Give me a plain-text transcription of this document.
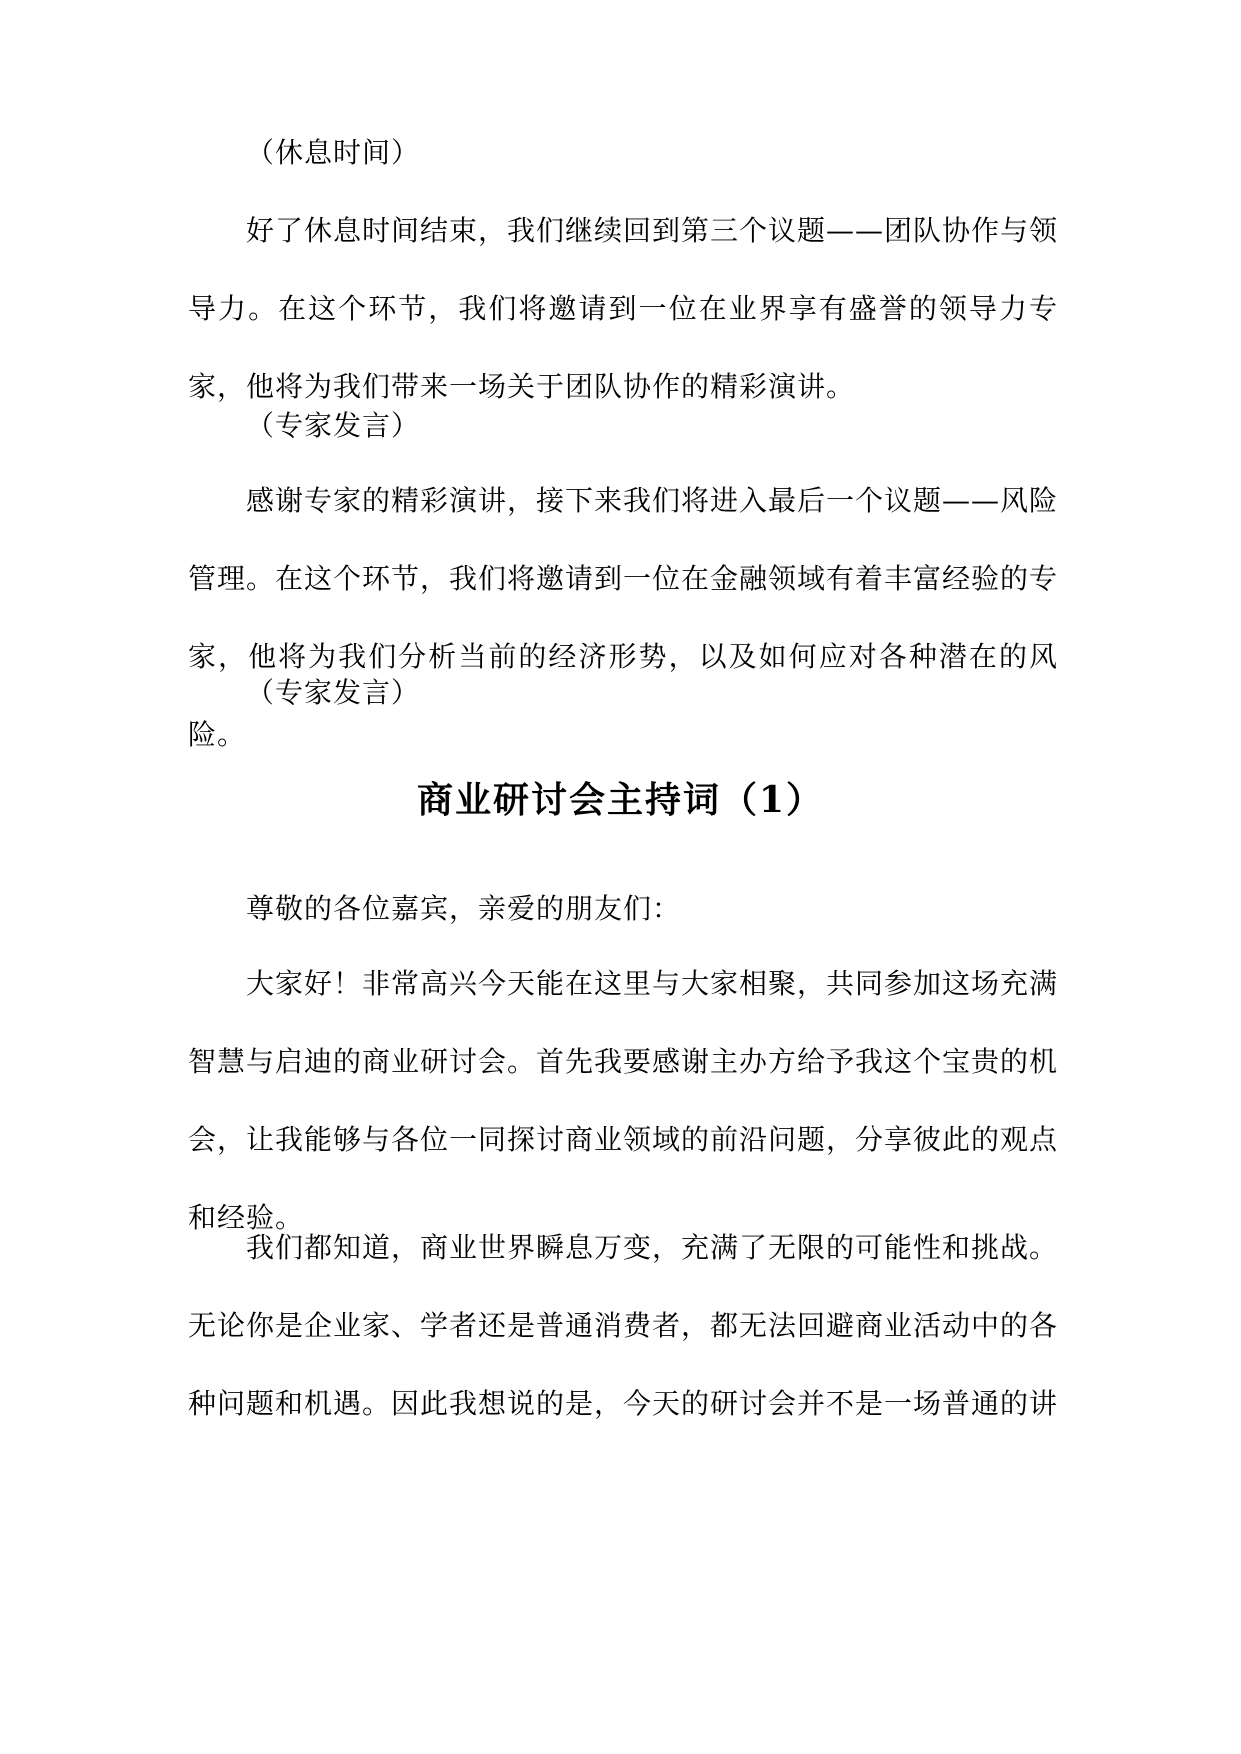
（休息时间）

好了休息时间结束，我们继续回到第三个议题——团队协作与领导力。在这个环节，我们将邀请到一位在业界享有盛誉的领导力专家，他将为我们带来一场关于团队协作的精彩演讲。

（专家发言）

感谢专家的精彩演讲，接下来我们将进入最后一个议题——风险管理。在这个环节，我们将邀请到一位在金融领域有着丰富经验的专家，他将为我们分析当前的经济形势，以及如何应对各种潜在的风险。

（专家发言）

商业研讨会主持词（1）

尊敬的各位嘉宾，亲爱的朋友们：

大家好！非常高兴今天能在这里与大家相聚，共同参加这场充满智慧与启迪的商业研讨会。首先我要感谢主办方给予我这个宝贵的机会，让我能够与各位一同探讨商业领域的前沿问题，分享彼此的观点和经验。

我们都知道，商业世界瞬息万变，充满了无限的可能性和挑战。无论你是企业家、学者还是普通消费者，都无法回避商业活动中的各种问题和机遇。因此我想说的是，今天的研讨会并不是一场普通的讲
